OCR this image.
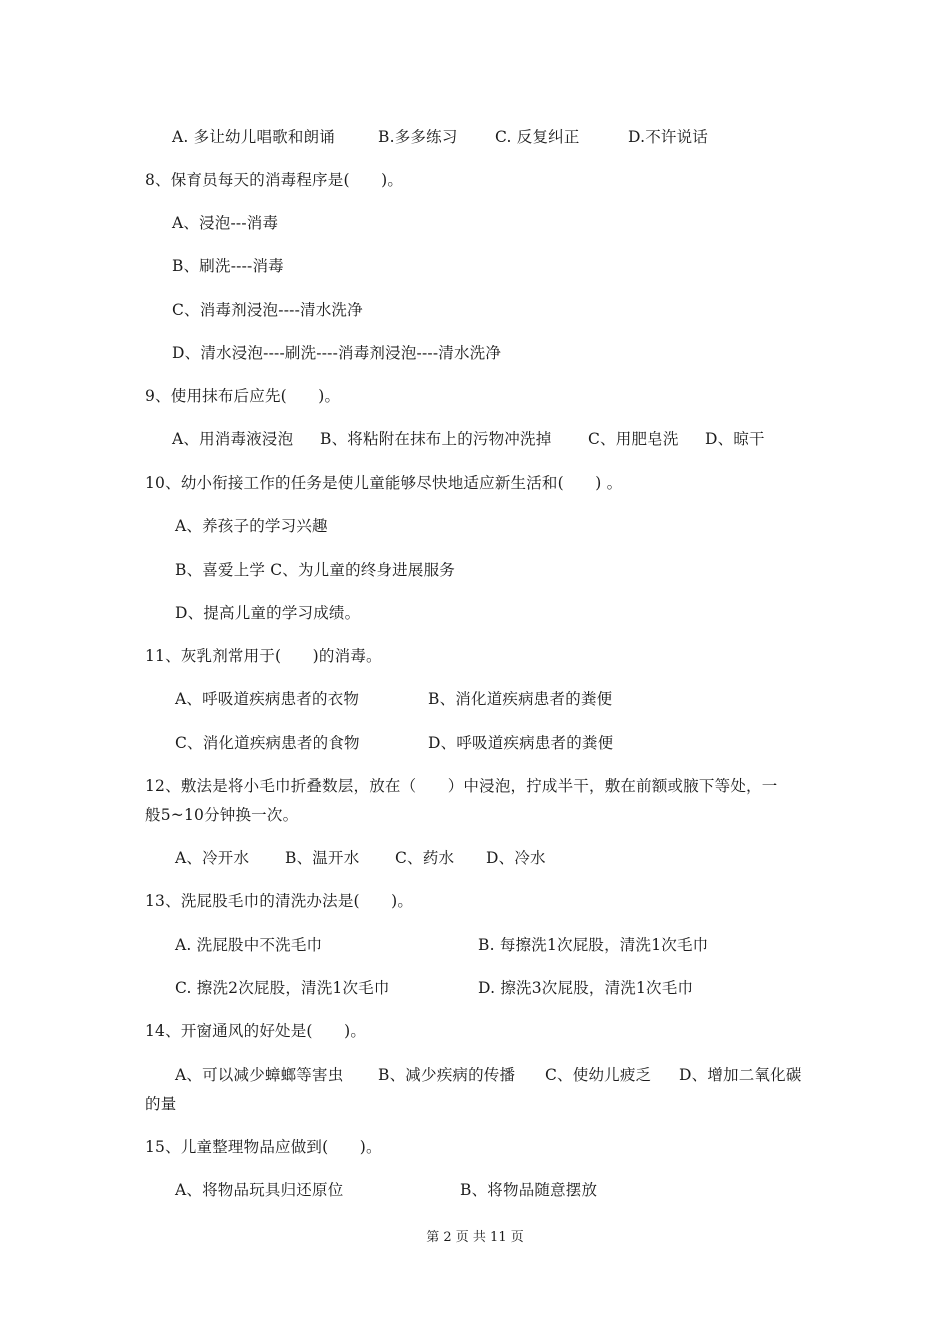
A. 多让幼儿唱歌和朗诵	B.多多练习 C. 反复纠正	D.不许说话
8、保育员每天的消毒程序是(　　)。
A、浸泡---消毒
B、刷洗----消毒
C、消毒剂浸泡----清水洗净
D、清水浸泡----刷洗----消毒剂浸泡----清水洗净
9、使用抹布后应先(　　)。
A、用消毒液浸泡 B、将粘附在抹布上的污物冲洗掉 C、用肥皂洗 D、晾干
10、幼小衔接工作的任务是使儿童能够尽快地适应新生活和(　　) 。
A、养孩子的学习兴趣
B、喜爱上学 C、为儿童的终身进展服务
D、提高儿童的学习成绩。
11、灰乳剂常用于(　　)的消毒。
A、呼吸道疾病患者的衣物	B、消化道疾病患者的粪便
C、消化道疾病患者的食物	D、呼吸道疾病患者的粪便
12、敷法是将小毛巾折叠数层，放在（　　）中浸泡，拧成半干，敷在前额或腋下等处，一
般5~10分钟换一次。
A、冷开水 B、温开水 C、药水 D、冷水
13、洗屁股毛巾的清洗办法是(　　)。
A. 洗屁股中不洗毛巾	B. 每擦洗1次屁股，清洗1次毛巾
C. 擦洗2次屁股，清洗1次毛巾	D. 擦洗3次屁股，清洗1次毛巾
14、开窗通风的好处是(　　)。
A、可以减少蟑螂等害虫 B、减少疾病的传播 C、使幼儿疲乏 D、增加二氧化碳
的量
15、儿童整理物品应做到(　　)。
A、将物品玩具归还原位	B、将物品随意摆放
第 2 页 共 11 页
